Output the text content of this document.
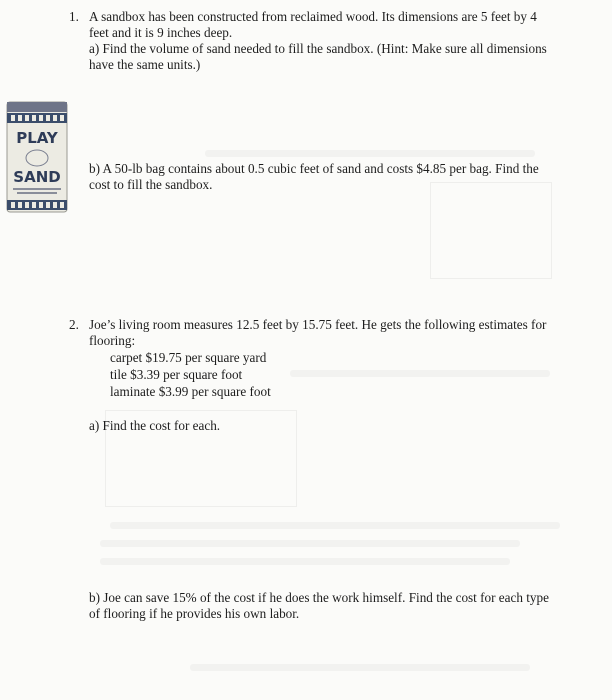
1. A sandbox has been constructed from reclaimed wood. Its dimensions are 5 feet by 4
feet and it is 9 inches deep.
a) Find the volume of sand needed to fill the sandbox. (Hint: Make sure all dimensions
have the same units.)
PLAY
SAND b) A 50-lb bag contains about 0.5 cubic feet of sand and costs $4.85 per bag. Find the
cost to fill the sandbox.
2. Joe’s living room measures 12.5 feet by 15.75 feet. He gets the following estimates for
flooring:
carpet $19.75 per square yard
tile $3.39 per square foot
laminate $3.99 per square foot
a) Find the cost for each.
b) Joe can save 15% of the cost if he does the work himself. Find the cost for each type
of flooring if he provides his own labor.
